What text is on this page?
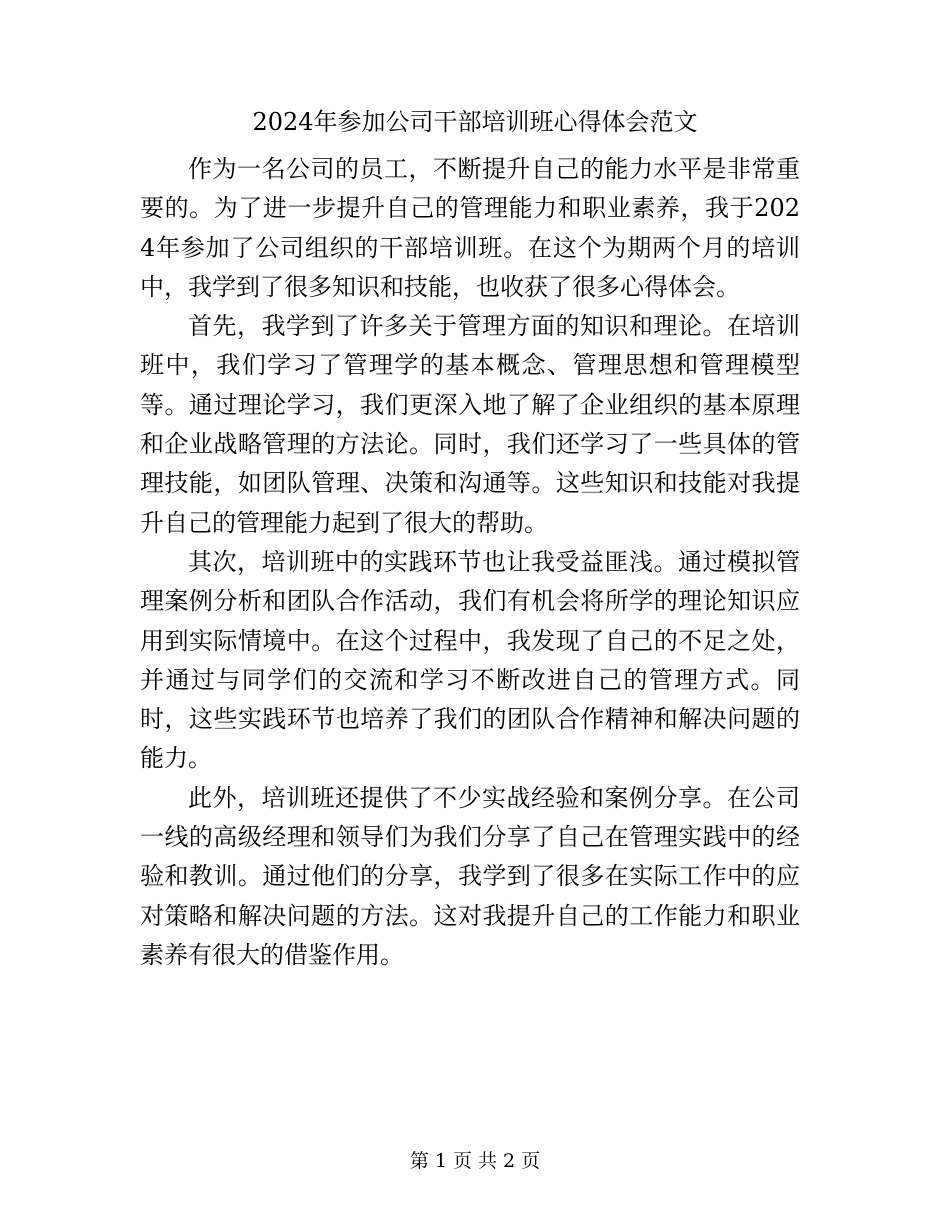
2024年参加公司干部培训班心得体会范文

作为一名公司的员工，不断提升自己的能力水平是非常重要的。为了进一步提升自己的管理能力和职业素养，我于2024年参加了公司组织的干部培训班。在这个为期两个月的培训中，我学到了很多知识和技能，也收获了很多心得体会。

首先，我学到了许多关于管理方面的知识和理论。在培训班中，我们学习了管理学的基本概念、管理思想和管理模型等。通过理论学习，我们更深入地了解了企业组织的基本原理和企业战略管理的方法论。同时，我们还学习了一些具体的管理技能，如团队管理、决策和沟通等。这些知识和技能对我提升自己的管理能力起到了很大的帮助。

其次，培训班中的实践环节也让我受益匪浅。通过模拟管理案例分析和团队合作活动，我们有机会将所学的理论知识应用到实际情境中。在这个过程中，我发现了自己的不足之处，并通过与同学们的交流和学习不断改进自己的管理方式。同时，这些实践环节也培养了我们的团队合作精神和解决问题的能力。

此外，培训班还提供了不少实战经验和案例分享。在公司一线的高级经理和领导们为我们分享了自己在管理实践中的经验和教训。通过他们的分享，我学到了很多在实际工作中的应对策略和解决问题的方法。这对我提升自己的工作能力和职业素养有很大的借鉴作用。

第 1 页 共 2 页
